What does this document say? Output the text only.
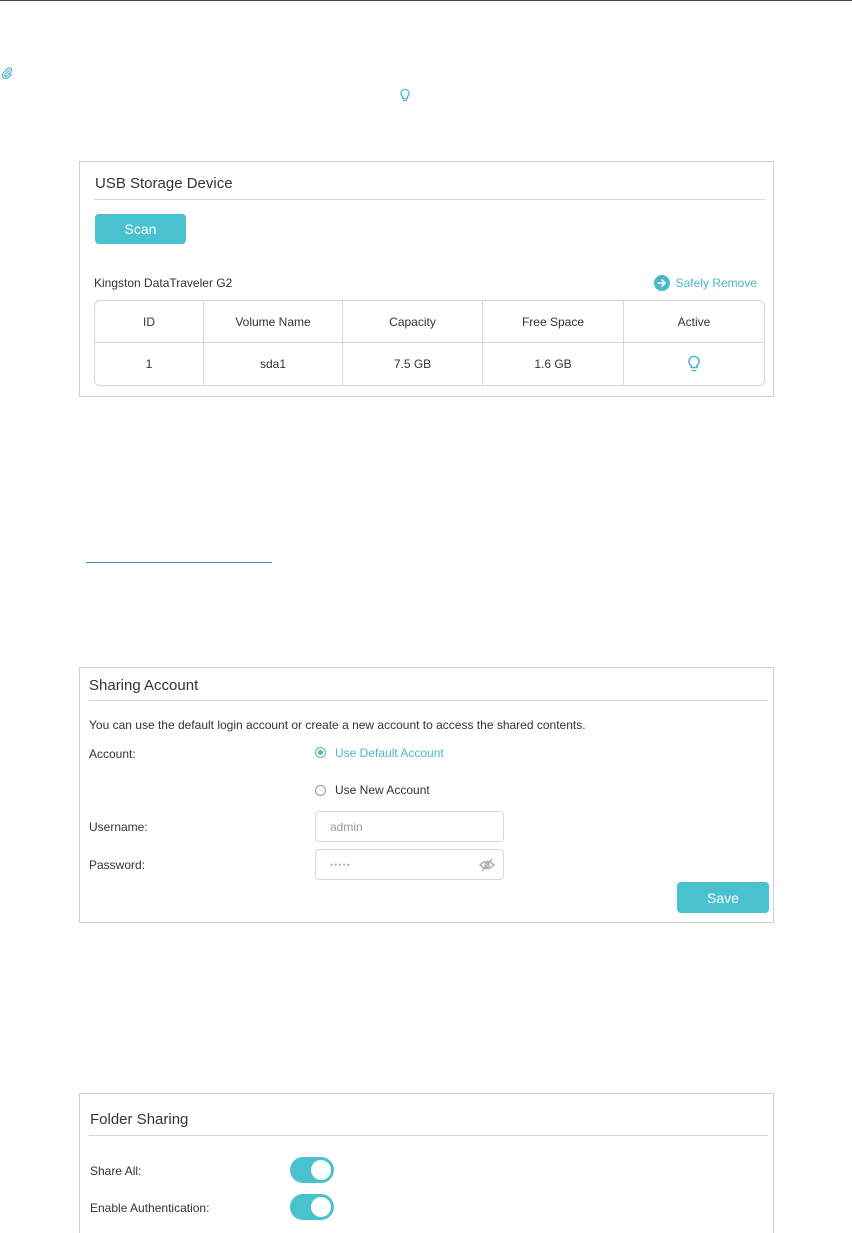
USB Storage Device
Scan
Kingston DataTraveler G2	Safely Remove
ID	Volume Name	Capacity	Free Space	Active
1	sda1	7.5 GB	1.6 GB
Sharing Account
You can use the default login account or create a new account to access the shared contents.
Account:	Use Default Account
Use New Account
Username:	admin
Password:	•••••
Save
Folder Sharing
Share All:
Enable Authentication:
